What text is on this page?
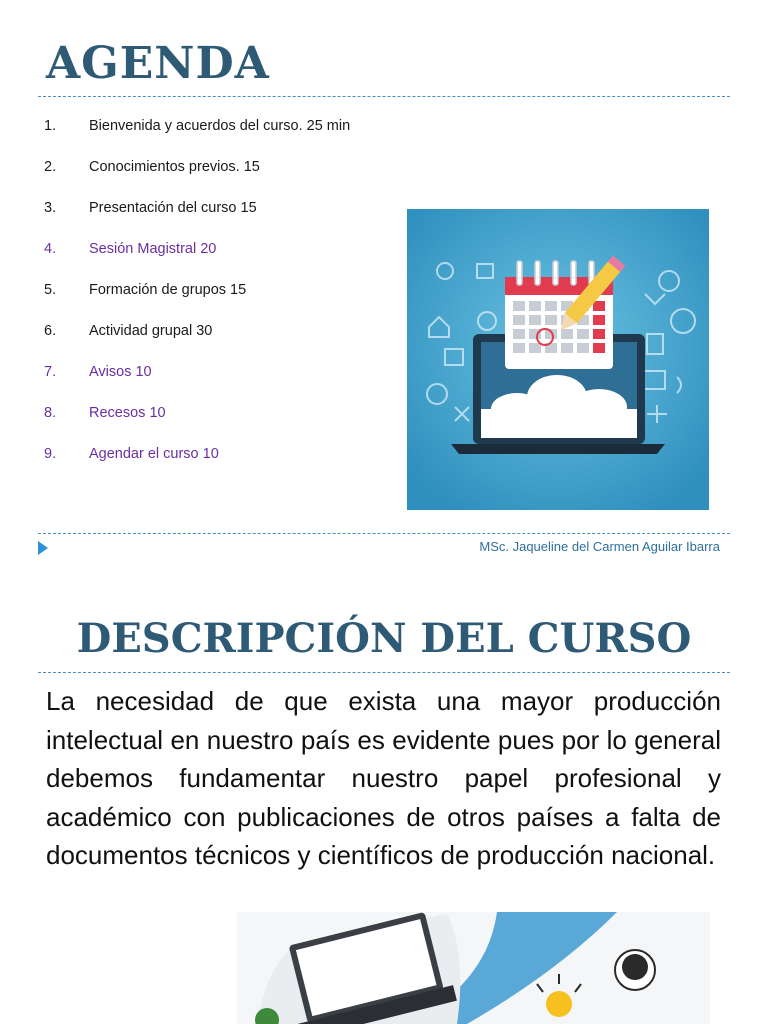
AGENDA
1.	Bienvenida y acuerdos del curso. 25 min
2.	Conocimientos previos. 15
3.	Presentación del curso 15
4.	Sesión Magistral 20
5.	Formación de grupos 15
6.	Actividad grupal 30
7.	Avisos 10
8.	Recesos 10
9.	Agendar el curso 10
MSc. Jaqueline del Carmen Aguilar Ibarra
DESCRIPCIÓN DEL CURSO

La necesidad de que exista una mayor producción intelectual en nuestro país es evidente pues por lo general debemos fundamentar nuestro papel profesional y académico con publicaciones de otros países a falta de documentos técnicos y científicos de producción nacional.
